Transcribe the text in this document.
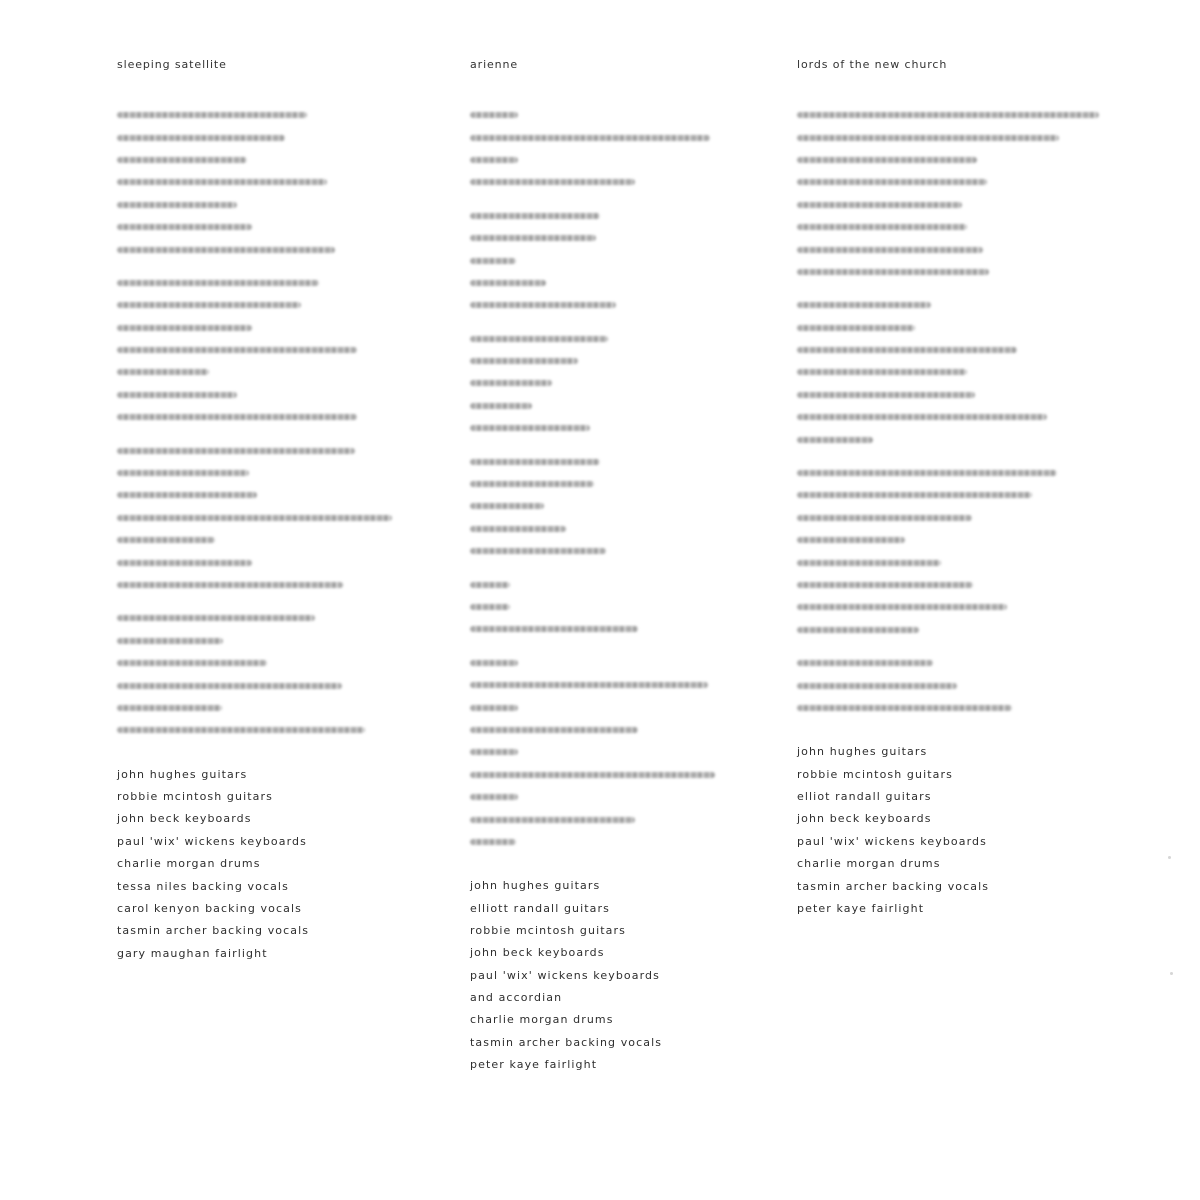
sleeping satellite
john hughes guitars
robbie mcintosh guitars
john beck keyboards
paul 'wix' wickens keyboards
charlie morgan drums
tessa niles backing vocals
carol kenyon backing vocals
tasmin archer backing vocals
gary maughan fairlight
arienne
john hughes guitars
elliott randall guitars
robbie mcintosh guitars
john beck keyboards
paul 'wix' wickens keyboards
and accordian
charlie morgan drums
tasmin archer backing vocals
peter kaye fairlight
lords of the new church
john hughes guitars
robbie mcintosh guitars
elliot randall guitars
john beck keyboards
paul 'wix' wickens keyboards
charlie morgan drums
tasmin archer backing vocals
peter kaye fairlight
